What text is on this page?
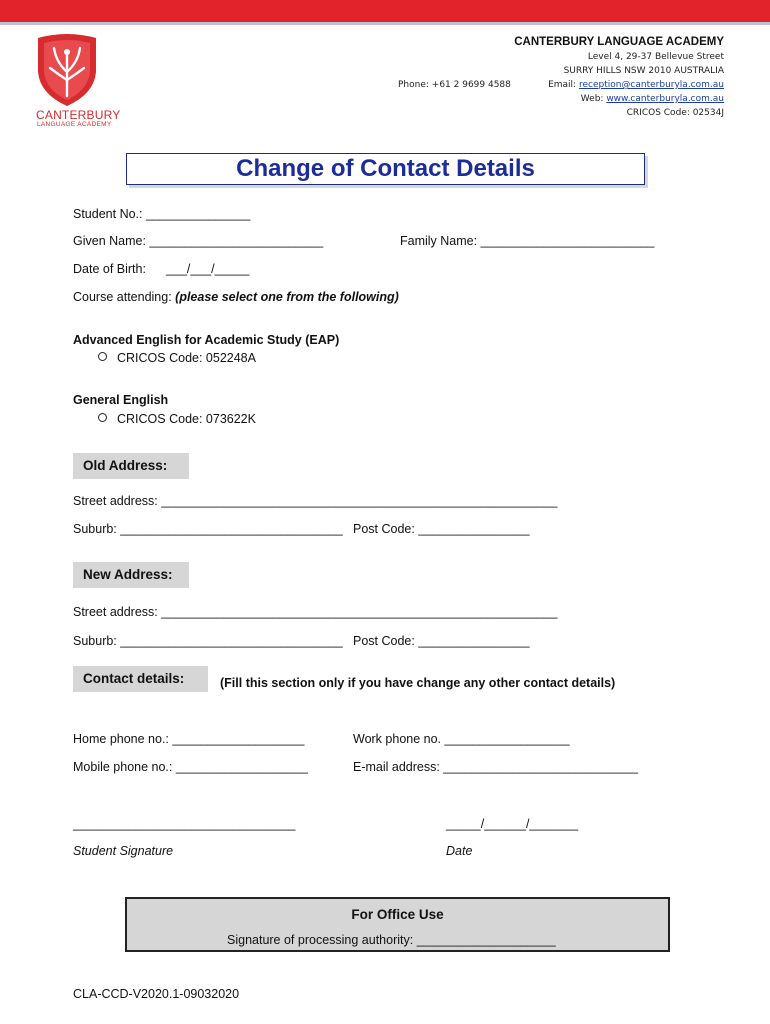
CANTERBURY
LANGUAGE ACADEMY
CANTERBURY LANGUAGE ACADEMY
Level 4, 29-37 Bellevue Street
SURRY HILLS NSW 2010 AUSTRALIA
Phone: +61 2 9699 4588	Email: reception@canterburyla.com.au
Web: www.canterburyla.com.au
CRICOS Code: 02534J
Change of Contact Details
Student No.: _______________
Given Name: _________________________	Family Name: _________________________
Date of Birth: ___/___/_____
Course attending: (please select one from the following)
Advanced English for Academic Study (EAP)
CRICOS Code: 052248A
General English
CRICOS Code: 073622K
Old Address:
Street address: _________________________________________________________
Suburb: ________________________________ Post Code: ________________
New Address:
Street address: _________________________________________________________
Suburb: ________________________________ Post Code: ________________
Contact details:	(Fill this section only if you have change any other contact details)
Home phone no.: ___________________	Work phone no. __________________
Mobile phone no.: ___________________	E-mail address: ____________________________
________________________________	_____/______/_______
Student Signature	Date
For Office Use
Signature of processing authority: ____________________
CLA-CCD-V2020.1-09032020
